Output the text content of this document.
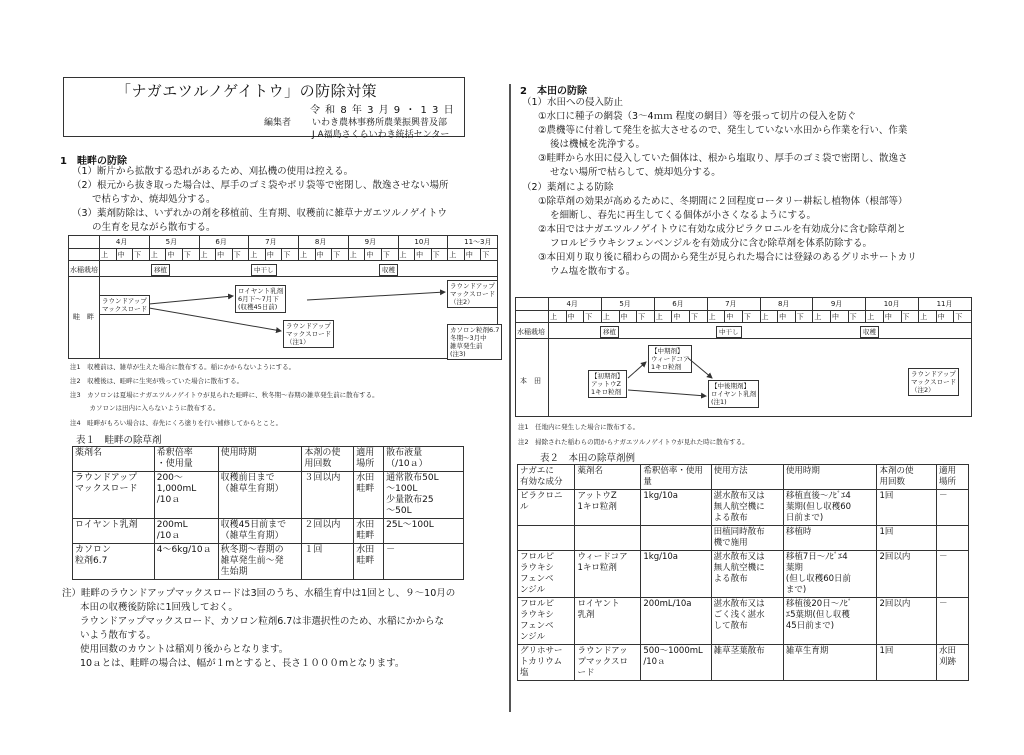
「ナガエツルノゲイトウ」の防除対策
令 和 8 年 3 月 9 ・ 1 3 日
編集者 いわき農林事務所農業振興普及部
J A福島さくらいわき統括センター
1　畦畔の防除
（1）断片から拡散する恐れがあるため、刈払機の使用は控える。
（2）根元から抜き取った場合は、厚手のゴミ袋やポリ袋等で密閉し、散逸させない場所
で枯らすか、焼却処分する。
（3）薬剤防除は、いずれかの剤を移植前、生育期、収穫前に雑草ナガエツルノゲイトウ
の生育を見ながら散布する。
水稲栽培
畦　畔
4月
上 中 下
5月
上 中 下
6月
上 中 下
7月
上 中 下
8月
上 中 下
9月
上 中 下
10月
上 中 下
11～3月
上 中 下
移植	中干し	収穫
ラウンドアップ
マックスロード
ロイヤント乳剤
6月下～7月下
(収穫45日前)
ラウンドアップ
マックスロード
（注1）
ラウンドアップ
マックスロード
（注2）
カソロン粒剤6.7
冬期～3月中
雑草発生前
(注3)
注1　収穫前は、雑草が生えた場合に散布する。稲にかからないようにする。
注2　収穫後は、畦畔に生実が残っていた場合に散布する。
注3　カソロンは夏場にナガエツルノゲイトウが見られた畦畔に、秋冬期～春期の雑草発生前に散布する。
　　　カソロンは田内に入らないように散布する。
注4　畦畔がもろい場合は、春先にくろ塗りを行い補修してからとこと。
表１　畦畔の除草剤
薬剤名	希釈倍率
・使用量	使用時期	本剤の使
用回数	適用
場所	散布液量
（/10ａ）
ラウンドアップ
マックスロード	200～
1,000mL
/10ａ	収穫前日まで
（雑草生育期）	３回以内	水田
畦畔	通常散布50L
～100L
少量散布25
～50L
ロイヤント乳剤	200mL
/10ａ	収穫45日前まで
（雑草生育期）	２回以内	水田
畦畔	25L～100L
カソロン
粒剤6.7	4～6kg/10ａ	秋冬期～春期の
雑草発生前～発
生始期	１回	水田
畦畔	－
注）畦畔のラウンドアップマックスロードは3回のうち、水稲生育中は1回とし、９～10月の
本田の収穫後防除に1回残しておく。
ラウンドアップマックスロード、カソロン粒剤6.7は非選択性のため、水稲にかからな
いよう散布する。
使用回数のカウントは稲刈り後からとなります。
10ａとは、畦畔の場合は、幅が１mとすると、長さ１０００mとなります。
2　本田の防除
（1）水田への侵入防止
①水口に種子の網袋（3～4ｍｍ 程度の網目）等を張って切片の侵入を防ぐ
②農機等に付着して発生を拡大させるので、発生していない水田から作業を行い、作業
後は機械を洗浄する。
③畦畔から水田に侵入していた個体は、根から塩取り、厚手のゴミ袋で密閉し、散逸さ
せない場所で枯らして、焼却処分する。
（2）薬剤による防除
①除草剤の効果が高めるために、冬期間に２回程度ロータリー耕耘し植物体（根部等）
を細断し、春先に再生してくる個体が小さくなるようにする。
②本田ではナガエツルノゲイトウに有効な成分ピラクロニルを有効成分に含む除草剤と
フロルピラウキシフェンベンジルを有効成分に含む除草剤を体系防除する。
③本田刈り取り後に稲わらの間から発生が見られた場合には登録のあるグリホサートカリ
ウム塩を散布する。
水稲栽培
本　田
4月
上 中 下
5月
上 中 下
6月
上 中 下
7月
上 中 下
8月
上 中 下
9月
上 中 下
10月
上 中 下
11月
上 中 下
移植	中干し	収穫
【初期剤】
アットウZ
1キロ粒剤
【中期剤】
ウィードコア
1キロ粒剤
【中後期剤】
ロイヤント乳剤
(注1)
ラウンドアップ
マックスロード
（注2）
注1　任地内に発生した場合に散布する。
注2　掃除された稲わらの間からナガエツルノゲイトウが見れた時に散布する。
表２　本田の除草剤例
ナガエに
有効な成分	薬剤名	希釈倍率・使用
量	使用方法	使用時期	本剤の使
用回数	適用
場所
ピラクロニ
ル	アットウZ
1キロ粒剤	1kg/10a	湛水散布又は
無人航空機に
よる散布	移植直後～ﾉﾋﾞｴ4
葉期(但し収穫60
日前まで)	1回	－
			田植同時散布
機で施用	移植時	1回	
フロルピ
ラウキシ
フェンベ
ンジル	ウィードコア
1キロ粒剤	1kg/10a	湛水散布又は
無人航空機に
よる散布	移植7日～ﾉﾋﾞｴ4
葉期
(但し収穫60日前
まで)	2回以内	－
フロルピ
ラウキシ
フェンベ
ンジル	ロイヤント
乳剤	200mL/10a	湛水散布又は
ごく浅く湛水
して散布	移植後20日～ﾉﾋﾞ
ｴ5葉期(但し収穫
45日前まで)	2回以内	－
グリホサー
トカリウム
塩	ラウンドアッ
プマックスロ
ード	500～1000mL
/10ａ	雑草茎葉散布	雑草生育期	1回	水田
刈跡
